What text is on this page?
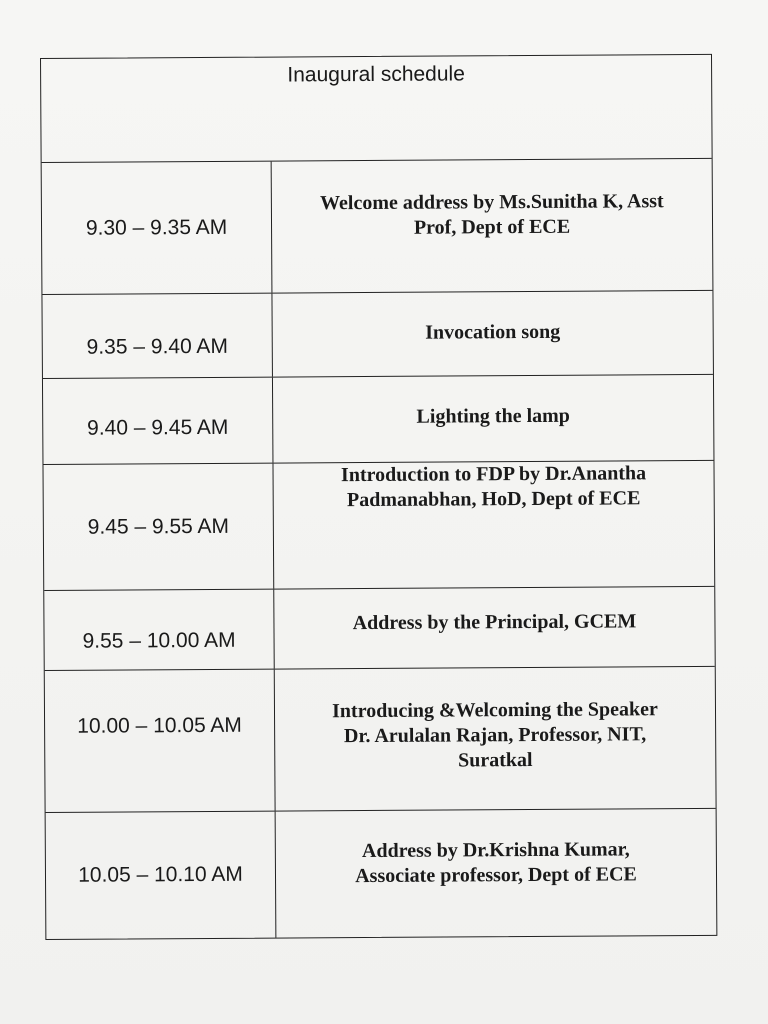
Inaugural schedule
9.30 – 9.35 AM
Welcome address by Ms.Sunitha K, Asst
Prof, Dept of ECE
9.35 – 9.40 AM
Invocation song
9.40 – 9.45 AM	Lighting the lamp
9.45 – 9.55 AM
Introduction to FDP by Dr.Anantha
Padmanabhan, HoD, Dept of ECE
9.55 – 10.00 AM
Address by the Principal, GCEM
10.00 – 10.05 AM
Introducing &Welcoming the Speaker
Dr. Arulalan Rajan, Professor, NIT,
Suratkal
10.05 – 10.10 AM
Address by Dr.Krishna Kumar,
Associate professor, Dept of ECE
